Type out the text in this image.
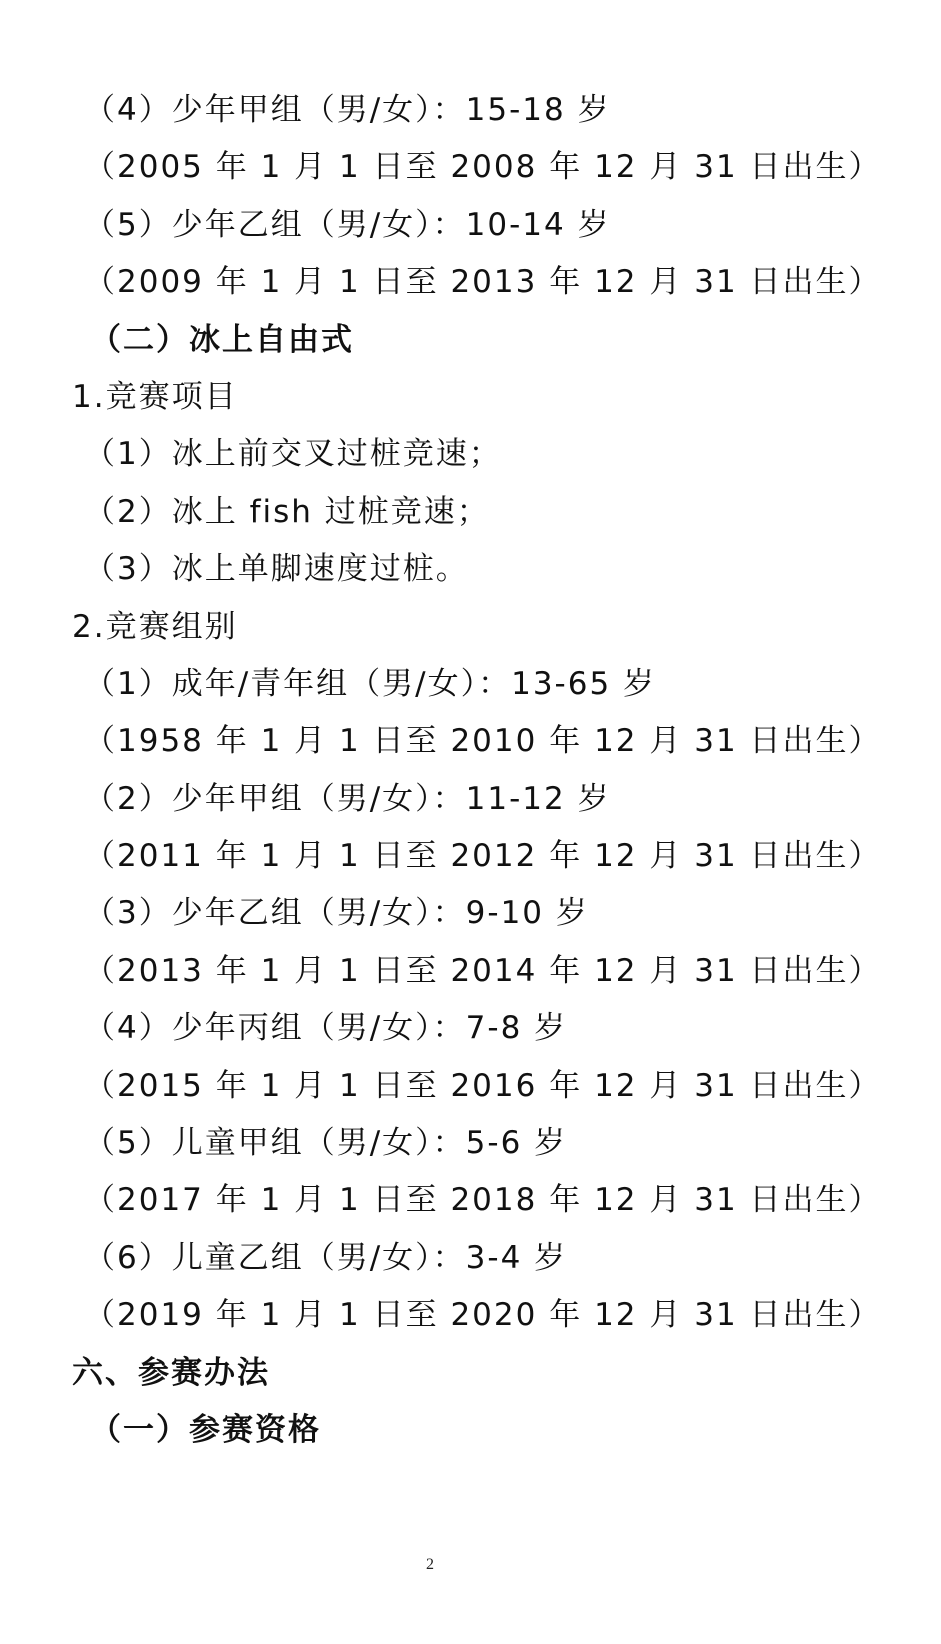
（4）少年甲组（男/女）：15-18 岁
（2005 年 1 月 1 日至 2008 年 12 月 31 日出生）
（5）少年乙组（男/女）：10-14 岁
（2009 年 1 月 1 日至 2013 年 12 月 31 日出生）
（二）冰上自由式
1.竞赛项目
（1）冰上前交叉过桩竞速；
（2）冰上 fish 过桩竞速；
（3）冰上单脚速度过桩。
2.竞赛组别
（1）成年/青年组（男/女）：13-65 岁
（1958 年 1 月 1 日至 2010 年 12 月 31 日出生）
（2）少年甲组（男/女）：11-12 岁
（2011 年 1 月 1 日至 2012 年 12 月 31 日出生）
（3）少年乙组（男/女）：9-10 岁
（2013 年 1 月 1 日至 2014 年 12 月 31 日出生）
（4）少年丙组（男/女）：7-8 岁
（2015 年 1 月 1 日至 2016 年 12 月 31 日出生）
（5）儿童甲组（男/女）：5-6 岁
（2017 年 1 月 1 日至 2018 年 12 月 31 日出生）
（6）儿童乙组（男/女）：3-4 岁
（2019 年 1 月 1 日至 2020 年 12 月 31 日出生）
六、参赛办法
（一）参赛资格
2
